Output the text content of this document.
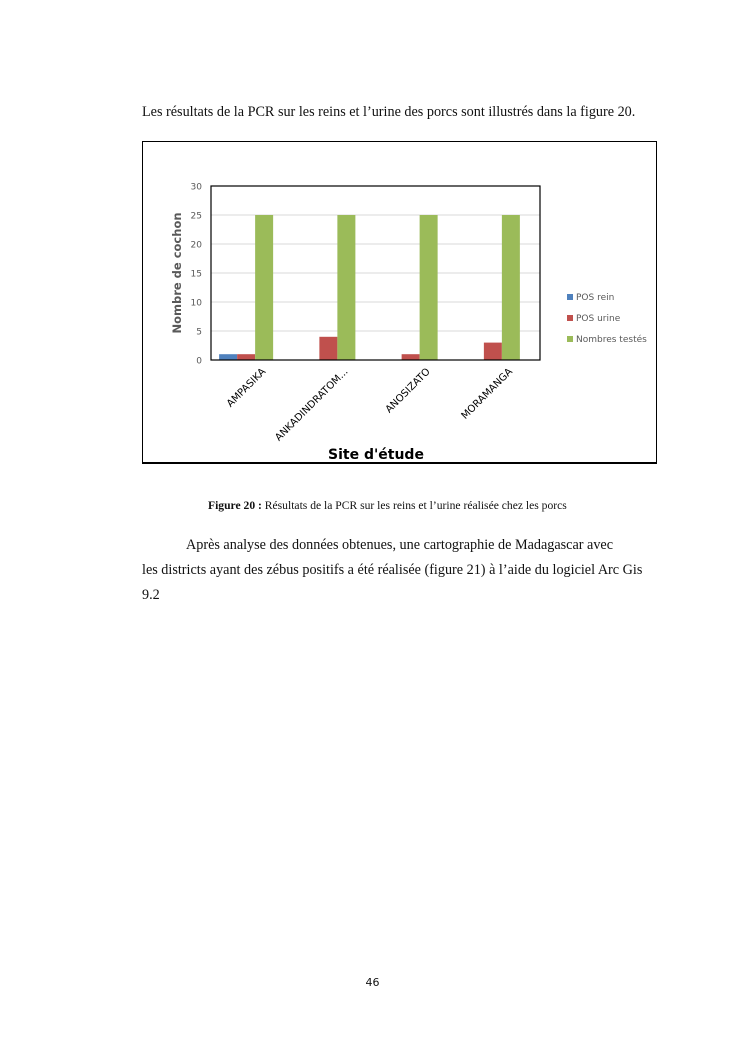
Les résultats de la PCR sur les reins et l’urine des porcs sont illustrés dans la figure 20.

0
5
10
15
20
25
30
AMPASIKA ANKADINDRATOM...	ANOSIZATO	MORAMANGA
Nombre de cochon
Site d'étude
POS rein
POS urine
Nombres testés
Figure 20 : Résultats de la PCR sur les reins et l’urine réalisée chez les porcs
Après analyse des données obtenues, une cartographie de Madagascar avec
les districts ayant des zébus positifs a été réalisée (figure 21) à l’aide du logiciel Arc Gis 9.2
46
